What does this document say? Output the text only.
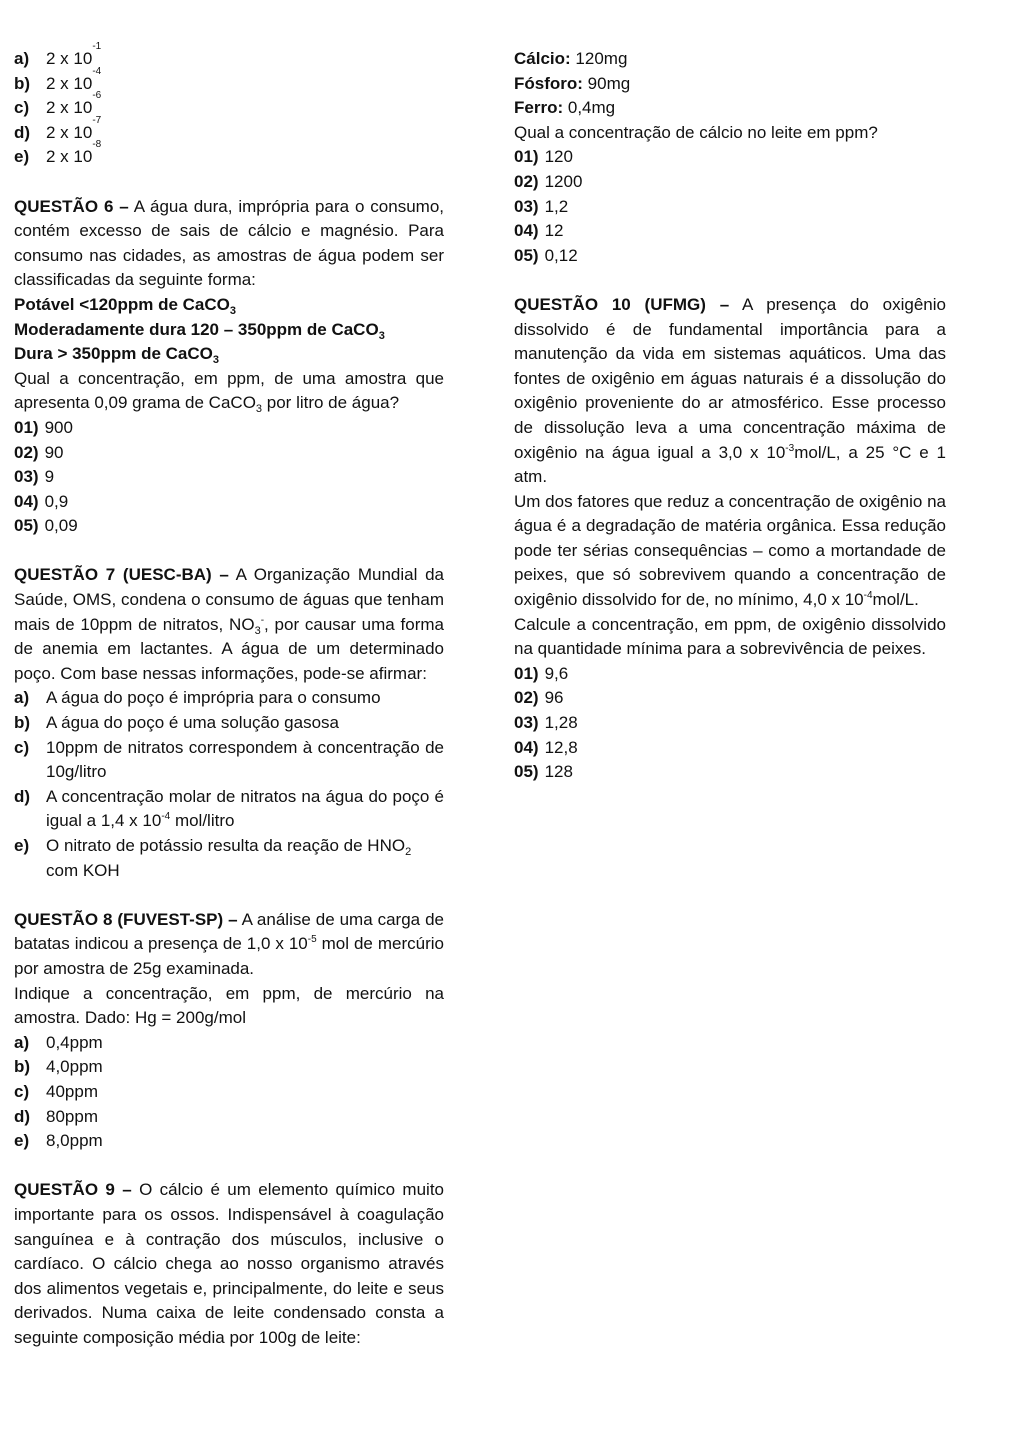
a) 2 x 10
-1
b) 2 x 10
-4
c) 2 x 10
-6
d) 2 x 10
-7
e) 2 x 10
-8

QUESTÃO 6 – A água dura, imprópria para o consumo, contém excesso de sais de cálcio e magnésio. Para consumo nas cidades, as amostras de água podem ser classificadas da seguinte forma:

Potável <120ppm de CaCO$_3$

Moderadamente dura 120 – 350ppm de CaCO$_3$

Dura > 350ppm de CaCO$_3$

Qual a concentração, em ppm, de uma amostra que apresenta 0,09 grama de CaCO$_3$ por litro de água?

01) 900

02) 90

03) 9

04) 0,9

05) 0,09

QUESTÃO 7 (UESC-BA) – A Organização Mundial da Saúde, OMS, condena o consumo de águas que tenham mais de 10ppm de nitratos, $NO_3^-$, por causar uma forma de anemia em lactantes. A água de um determinado poço. Com base nessas informações, pode-se afirmar:

a) A água do poço é imprópria para o consumo
b) A água do poço é uma solução gasosa
c) 10ppm de nitratos correspondem à concentração de 10g/litro
d) A concentração molar de nitratos na água do poço é igual a 1,4 x $10^{-4}$ mol/litro
e) O nitrato de potássio resulta da reação de $HNO_2$ com KOH

QUESTÃO 8 (FUVEST-SP) – A análise de uma carga de batatas indicou a presença de 1,0 x $10^{-5}$ mol de mercúrio por amostra de 25g examinada.

Indique a concentração, em ppm, de mercúrio na amostra. Dado: Hg = 200g/mol

a) 0,4ppm
b) 4,0ppm
c) 40ppm
d) 80ppm
e) 8,0ppm

QUESTÃO 9 – O cálcio é um elemento químico muito importante para os ossos. Indispensável à coagulação sanguínea e à contração dos músculos, inclusive o cardíaco. O cálcio chega ao nosso organismo através dos alimentos vegetais e, principalmente, do leite e seus derivados. Numa caixa de leite condensado consta a seguinte composição média por 100g de leite:

Cálcio: 120mg

Fósforo: 90mg

Ferro: 0,4mg

Qual a concentração de cálcio no leite em ppm?

01) 120

02) 1200

03) 1,2

04) 12

05) 0,12

QUESTÃO 10 (UFMG) – A presença do oxigênio dissolvido é de fundamental importância para a manutenção da vida em sistemas aquáticos. Uma das fontes de oxigênio em águas naturais é a dissolução do oxigênio proveniente do ar atmosférico. Esse processo de dissolução leva a uma concentração máxima de oxigênio na água igual a 3,0 x $10^{-3}mol/L$, a 25 °C e 1 atm.

Um dos fatores que reduz a concentração de oxigênio na água é a degradação de matéria orgânica. Essa redução pode ter sérias consequências – como a mortandade de peixes, que só sobrevivem quando a concentração de oxigênio dissolvido for de, no mínimo, 4,0 x $10^{-4}mol/L$.

Calcule a concentração, em ppm, de oxigênio dissolvido na quantidade mínima para a sobrevivência de peixes.

01) 9,6

02) 96

03) 1,28

04) 12,8

05) 128
